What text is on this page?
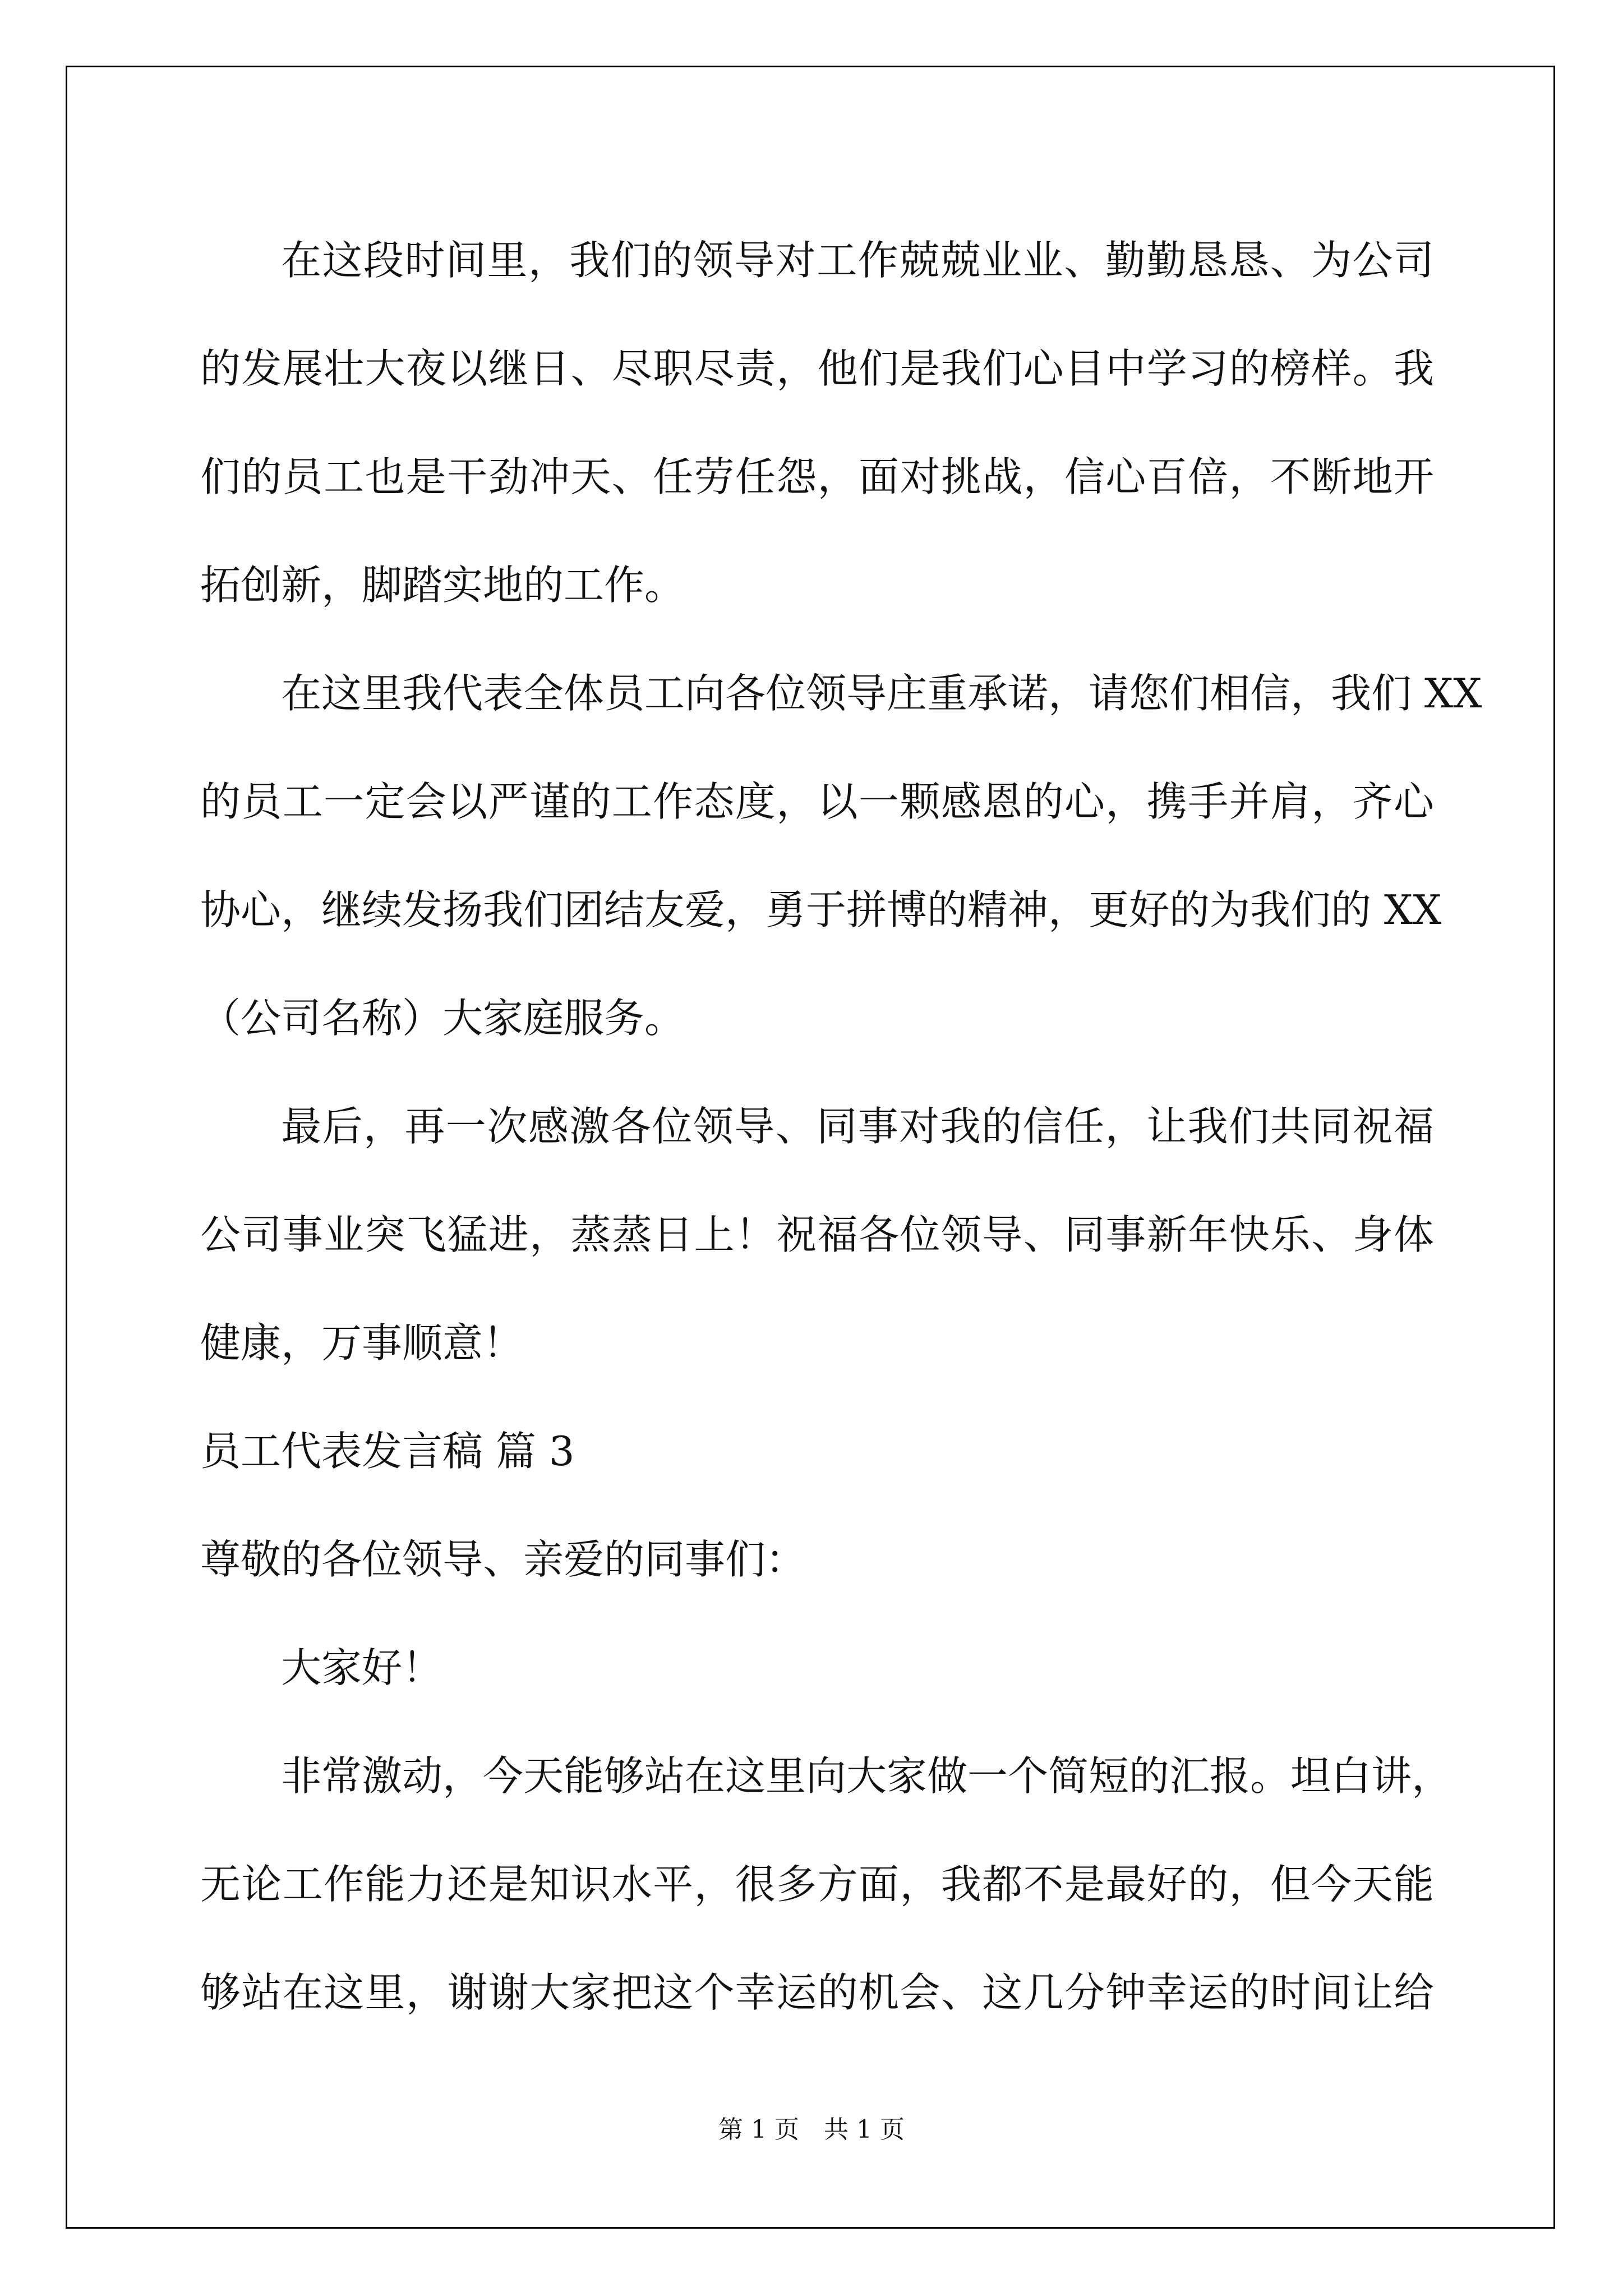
在这段时间里，我们的领导对工作兢兢业业、勤勤恳恳、为公司
的发展壮大夜以继日、尽职尽责，他们是我们心目中学习的榜样。我
们的员工也是干劲冲天、任劳任怨，面对挑战，信心百倍，不断地开
拓创新，脚踏实地的工作。
在这里我代表全体员工向各位领导庄重承诺，请您们相信，我们 XX
的员工一定会以严谨的工作态度，以一颗感恩的心，携手并肩，齐心
协心，继续发扬我们团结友爱，勇于拼博的精神，更好的为我们的 XX
（公司名称）大家庭服务。
最后，再一次感激各位领导、同事对我的信任，让我们共同祝福
公司事业突飞猛进，蒸蒸日上！祝福各位领导、同事新年快乐、身体
健康，万事顺意！
员工代表发言稿 篇 3
尊敬的各位领导、亲爱的同事们：
大家好！
非常激动，今天能够站在这里向大家做一个简短的汇报。坦白讲，
无论工作能力还是知识水平，很多方面，我都不是最好的，但今天能
够站在这里，谢谢大家把这个幸运的机会、这几分钟幸运的时间让给
第 1 页　共 1 页
